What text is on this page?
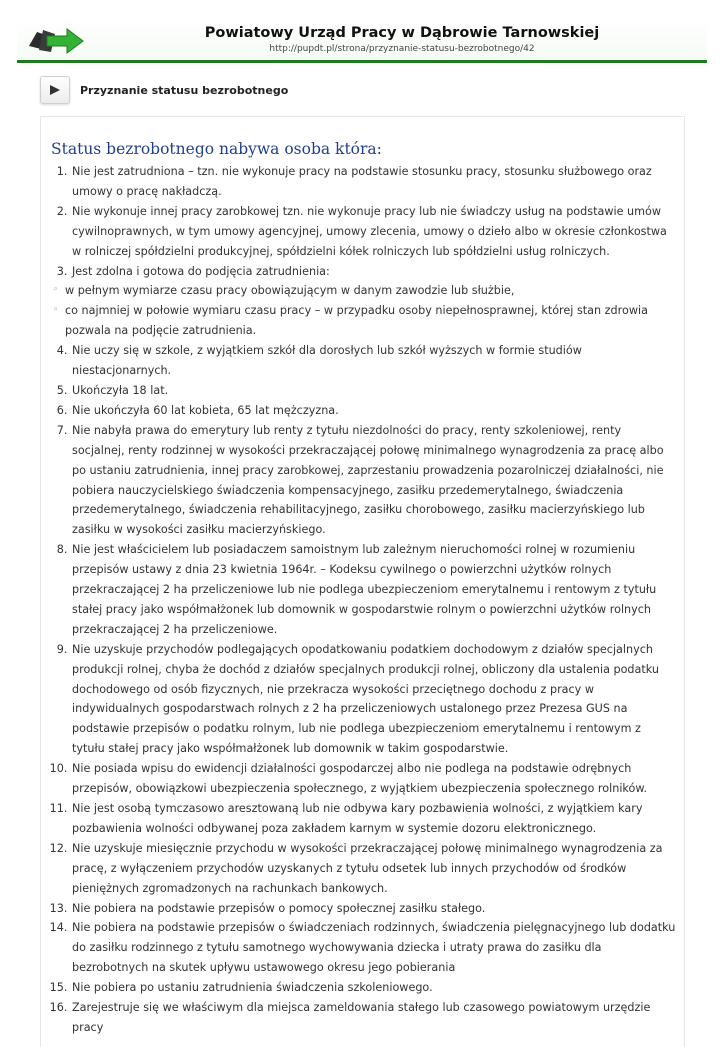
Powiatowy Urząd Pracy w Dąbrowie Tarnowskiej
http://pupdt.pl/strona/przyznanie-statusu-bezrobotnego/42
Przyznanie statusu bezrobotnego
Status bezrobotnego nabywa osoba która:
1. Nie jest zatrudniona – tzn. nie wykonuje pracy na podstawie stosunku pracy, stosunku służbowego oraz umowy o pracę nakładczą.
2. Nie wykonuje innej pracy zarobkowej tzn. nie wykonuje pracy lub nie świadczy usług na podstawie umów cywilnoprawnych, w tym umowy agencyjnej, umowy zlecenia, umowy o dzieło albo w okresie członkostwa w rolniczej spółdzielni produkcyjnej, spółdzielni kółek rolniczych lub spółdzielni usług rolniczych.
3. Jest zdolna i gotowa do podjęcia zatrudnienia:
◦ w pełnym wymiarze czasu pracy obowiązującym w danym zawodzie lub służbie,
◦ co najmniej w połowie wymiaru czasu pracy – w przypadku osoby niepełnosprawnej, której stan zdrowia pozwala na podjęcie zatrudnienia.
4. Nie uczy się w szkole, z wyjątkiem szkół dla dorosłych lub szkół wyższych w formie studiów niestacjonarnych.
5. Ukończyła 18 lat.
6. Nie ukończyła 60 lat kobieta, 65 lat mężczyzna.
7. Nie nabyła prawa do emerytury lub renty z tytułu niezdolności do pracy, renty szkoleniowej, renty socjalnej, renty rodzinnej w wysokości przekraczającej połowę minimalnego wynagrodzenia za pracę albo po ustaniu zatrudnienia, innej pracy zarobkowej, zaprzestaniu prowadzenia pozarolniczej działalności, nie pobiera nauczycielskiego świadczenia kompensacyjnego, zasiłku przedemerytalnego, świadczenia przedemerytalnego, świadczenia rehabilitacyjnego, zasiłku chorobowego, zasiłku macierzyńskiego lub zasiłku w wysokości zasiłku macierzyńskiego.
8. Nie jest właścicielem lub posiadaczem samoistnym lub zależnym nieruchomości rolnej w rozumieniu przepisów ustawy z dnia 23 kwietnia 1964r. – Kodeksu cywilnego o powierzchni użytków rolnych przekraczającej 2 ha przeliczeniowe lub nie podlega ubezpieczeniom emerytalnemu i rentowym z tytułu stałej pracy jako współmałżonek lub domownik w gospodarstwie rolnym o powierzchni użytków rolnych przekraczającej 2 ha przeliczeniowe.
9. Nie uzyskuje przychodów podlegających opodatkowaniu podatkiem dochodowym z działów specjalnych produkcji rolnej, chyba że dochód z działów specjalnych produkcji rolnej, obliczony dla ustalenia podatku dochodowego od osób fizycznych, nie przekracza wysokości przeciętnego dochodu z pracy w indywidualnych gospodarstwach rolnych z 2 ha przeliczeniowych ustalonego przez Prezesa GUS na podstawie przepisów o podatku rolnym, lub nie podlega ubezpieczeniom emerytalnemu i rentowym z tytułu stałej pracy jako współmałżonek lub domownik w takim gospodarstwie.
10. Nie posiada wpisu do ewidencji działalności gospodarczej albo nie podlega na podstawie odrębnych przepisów, obowiązkowi ubezpieczenia społecznego, z wyjątkiem ubezpieczenia społecznego rolników.
11. Nie jest osobą tymczasowo aresztowaną lub nie odbywa kary pozbawienia wolności, z wyjątkiem kary pozbawienia wolności odbywanej poza zakładem karnym w systemie dozoru elektronicznego.
12. Nie uzyskuje miesięcznie przychodu w wysokości przekraczającej połowę minimalnego wynagrodzenia za pracę, z wyłączeniem przychodów uzyskanych z tytułu odsetek lub innych przychodów od środków pieniężnych zgromadzonych na rachunkach bankowych.
13. Nie pobiera na podstawie przepisów o pomocy społecznej zasiłku stałego.
14. Nie pobiera na podstawie przepisów o świadczeniach rodzinnych, świadczenia pielęgnacyjnego lub dodatku do zasiłku rodzinnego z tytułu samotnego wychowywania dziecka i utraty prawa do zasiłku dla bezrobotnych na skutek upływu ustawowego okresu jego pobierania
15. Nie pobiera po ustaniu zatrudnienia świadczenia szkoleniowego.
16. Zarejestruje się we właściwym dla miejsca zameldowania stałego lub czasowego powiatowym urzędzie pracy
